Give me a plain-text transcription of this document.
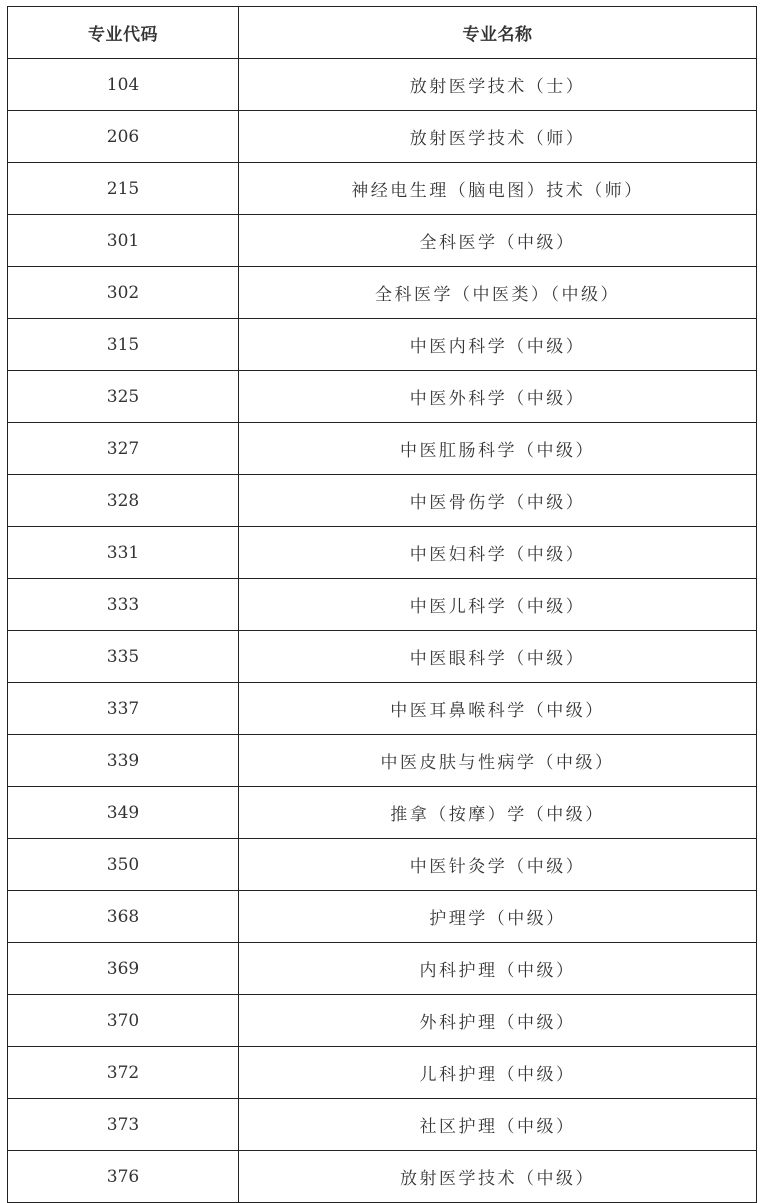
专业代码	专业名称
104	放射医学技术（士）
206	放射医学技术（师）
215	神经电生理（脑电图）技术（师）
301	全科医学（中级）
302	全科医学（中医类）（中级）
315	中医内科学（中级）
325	中医外科学（中级）
327	中医肛肠科学（中级）
328	中医骨伤学（中级）
331	中医妇科学（中级）
333	中医儿科学（中级）
335	中医眼科学（中级）
337	中医耳鼻喉科学（中级）
339	中医皮肤与性病学（中级）
349	推拿（按摩）学（中级）
350	中医针灸学（中级）
368	护理学（中级）
369	内科护理（中级）
370	外科护理（中级）
372	儿科护理（中级）
373	社区护理（中级）
376	放射医学技术（中级）
